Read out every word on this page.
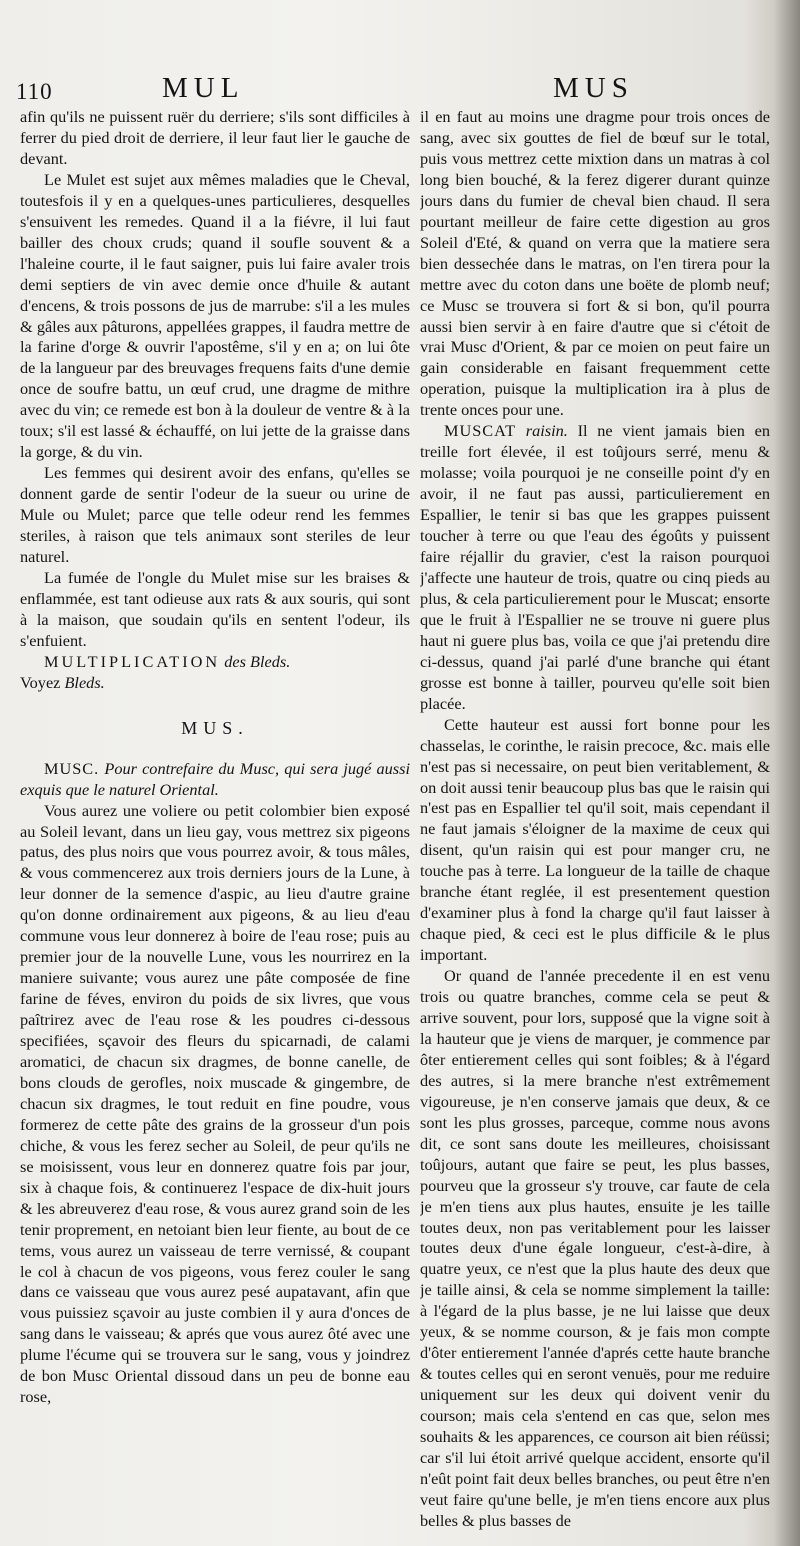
110	MUL	MUS

afin qu'ils ne puissent ruër du derriere; s'ils sont difficiles à ferrer du pied droit de derriere, il leur faut lier le gauche de devant.

Le Mulet est sujet aux mêmes maladies que le Cheval, toutesfois il y en a quelques-unes particulieres, desquelles s'ensuivent les remedes. Quand il a la fiévre, il lui faut bailler des choux cruds; quand il soufle souvent & a l'haleine courte, il le faut saigner, puis lui faire avaler trois demi septiers de vin avec demie once d'huile & autant d'encens, & trois possons de jus de marrube: s'il a les mules & gâles aux pâturons, appellées grappes, il faudra mettre de la farine d'orge & ouvrir l'apostême, s'il y en a; on lui ôte de la langueur par des breuvages frequens faits d'une demie once de soufre battu, un œuf crud, une dragme de mithre avec du vin; ce remede est bon à la douleur de ventre & à la toux; s'il est lassé & échauffé, on lui jette de la graisse dans la gorge, & du vin.

Les femmes qui desirent avoir des enfans, qu'elles se donnent garde de sentir l'odeur de la sueur ou urine de Mule ou Mulet; parce que telle odeur rend les femmes steriles, à raison que tels animaux sont steriles de leur naturel.

La fumée de l'ongle du Mulet mise sur les braises & enflammée, est tant odieuse aux rats & aux souris, qui sont à la maison, que soudain qu'ils en sentent l'odeur, ils s'enfuient.

MULTIPLICATION des Bleds.

Voyez Bleds.

MUS.

MUSC. Pour contrefaire du Musc, qui sera jugé aussi exquis que le naturel Oriental.

Vous aurez une voliere ou petit colombier bien exposé au Soleil levant, dans un lieu gay, vous mettrez six pigeons patus, des plus noirs que vous pourrez avoir, & tous mâles, & vous commencerez aux trois derniers jours de la Lune, à leur donner de la semence d'aspic, au lieu d'autre graine qu'on donne ordinairement aux pigeons, & au lieu d'eau commune vous leur donnerez à boire de l'eau rose; puis au premier jour de la nouvelle Lune, vous les nourrirez en la maniere suivante; vous aurez une pâte composée de fine farine de féves, environ du poids de six livres, que vous paîtrirez avec de l'eau rose & les poudres ci-dessous specifiées, sçavoir des fleurs du spicarnadi, de calami aromatici, de chacun six dragmes, de bonne canelle, de bons clouds de gerofles, noix muscade & gingembre, de chacun six dragmes, le tout reduit en fine poudre, vous formerez de cette pâte des grains de la grosseur d'un pois chiche, & vous les ferez secher au Soleil, de peur qu'ils ne se moisissent, vous leur en donnerez quatre fois par jour, six à chaque fois, & continuerez l'espace de dix-huit jours & les abreuverez d'eau rose, & vous aurez grand soin de les tenir proprement, en netoiant bien leur fiente, au bout de ce tems, vous aurez un vaisseau de terre vernissé, & coupant le col à chacun de vos pigeons, vous ferez couler le sang dans ce vaisseau que vous aurez pesé aupatavant, afin que vous puissiez sçavoir au juste combien il y aura d'onces de sang dans le vaisseau; & aprés que vous aurez ôté avec une plume l'écume qui se trouvera sur le sang, vous y joindrez de bon Musc Oriental dissoud dans un peu de bonne eau rose,

il en faut au moins une dragme pour trois onces de sang, avec six gouttes de fiel de bœuf sur le total, puis vous mettrez cette mixtion dans un matras à col long bien bouché, & la ferez digerer durant quinze jours dans du fumier de cheval bien chaud. Il sera pourtant meilleur de faire cette digestion au gros Soleil d'Eté, & quand on verra que la matiere sera bien dessechée dans le matras, on l'en tirera pour la mettre avec du coton dans une boëte de plomb neuf; ce Musc se trouvera si fort & si bon, qu'il pourra aussi bien servir à en faire d'autre que si c'étoit de vrai Musc d'Orient, & par ce moien on peut faire un gain considerable en faisant frequemment cette operation, puisque la multiplication ira à plus de trente onces pour une.

MUSCAT raisin. Il ne vient jamais bien en treille fort élevée, il est toûjours serré, menu & molasse; voila pourquoi je ne conseille point d'y en avoir, il ne faut pas aussi, particulierement en Espallier, le tenir si bas que les grappes puissent toucher à terre ou que l'eau des égoûts y puissent faire réjallir du gravier, c'est la raison pourquoi j'affecte une hauteur de trois, quatre ou cinq pieds au plus, & cela particulierement pour le Muscat; ensorte que le fruit à l'Espallier ne se trouve ni guere plus haut ni guere plus bas, voila ce que j'ai pretendu dire ci-dessus, quand j'ai parlé d'une branche qui étant grosse est bonne à tailler, pourveu qu'elle soit bien placée.

Cette hauteur est aussi fort bonne pour les chasselas, le corinthe, le raisin precoce, &c. mais elle n'est pas si necessaire, on peut bien veritablement, & on doit aussi tenir beaucoup plus bas que le raisin qui n'est pas en Espallier tel qu'il soit, mais cependant il ne faut jamais s'éloigner de la maxime de ceux qui disent, qu'un raisin qui est pour manger cru, ne touche pas à terre. La longueur de la taille de chaque branche étant reglée, il est presentement question d'examiner plus à fond la charge qu'il faut laisser à chaque pied, & ceci est le plus difficile & le plus important.

Or quand de l'année precedente il en est venu trois ou quatre branches, comme cela se peut & arrive souvent, pour lors, supposé que la vigne soit à la hauteur que je viens de marquer, je commence par ôter entierement celles qui sont foibles; & à l'égard des autres, si la mere branche n'est extrêmement vigoureuse, je n'en conserve jamais que deux, & ce sont les plus grosses, parceque, comme nous avons dit, ce sont sans doute les meilleures, choisissant toûjours, autant que faire se peut, les plus basses, pourveu que la grosseur s'y trouve, car faute de cela je m'en tiens aux plus hautes, ensuite je les taille toutes deux, non pas veritablement pour les laisser toutes deux d'une égale longueur, c'est-à-dire, à quatre yeux, ce n'est que la plus haute des deux que je taille ainsi, & cela se nomme simplement la taille: à l'égard de la plus basse, je ne lui laisse que deux yeux, & se nomme courson, & je fais mon compte d'ôter entierement l'année d'aprés cette haute branche & toutes celles qui en seront venuës, pour me reduire uniquement sur les deux qui doivent venir du courson; mais cela s'entend en cas que, selon mes souhaits & les apparences, ce courson ait bien réüssi; car s'il lui étoit arrivé quelque accident, ensorte qu'il n'eût point fait deux belles branches, ou peut être n'en veut faire qu'une belle, je m'en tiens encore aux plus belles & plus basses de
